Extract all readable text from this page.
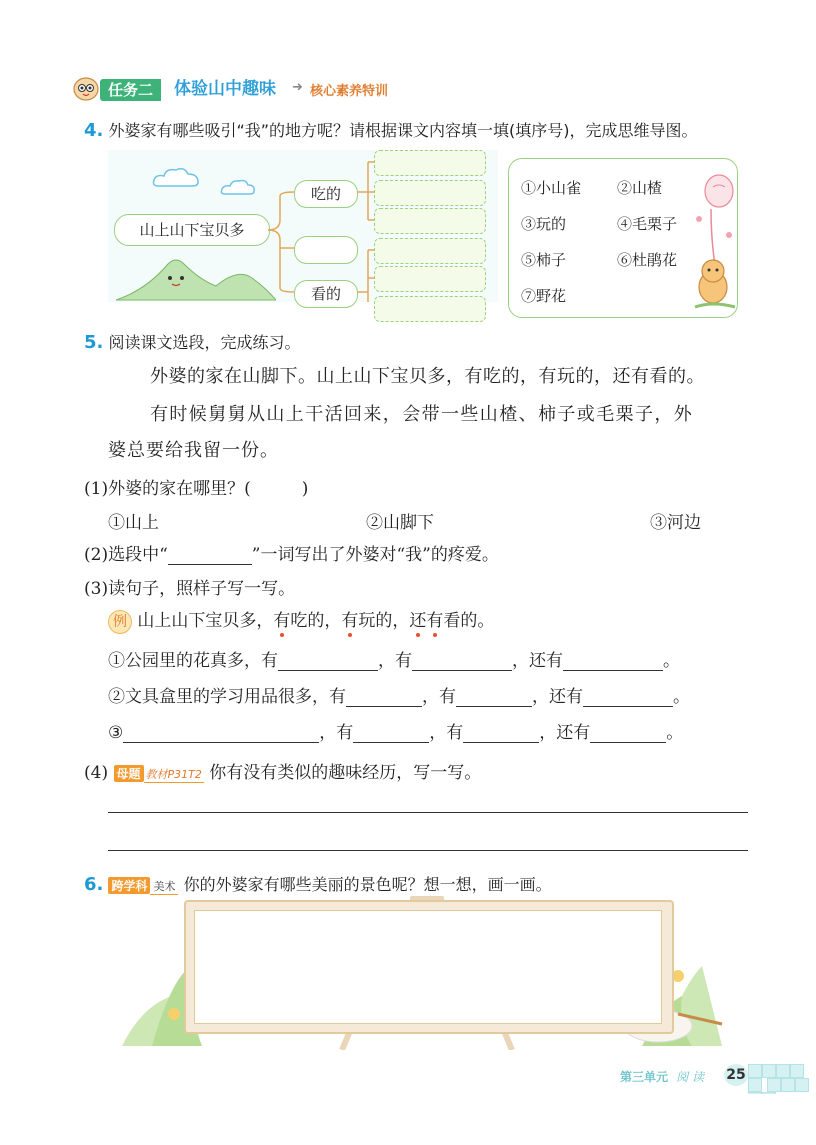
任务二	体验山中趣味 ➜ 核心素养特训
4. 外婆家有哪些吸引“我”的地方呢？请根据课文内容填一填(填序号)，完成思维导图。
山上山下宝贝多
吃的
看的
①小山雀 ②山楂
③玩的	④毛栗子
⑤柿子	⑥杜鹃花
⑦野花
5. 阅读课文选段，完成练习。
外婆的家在山脚下。山上山下宝贝多，有吃的，有玩的，还有看的。
有时候舅舅从山上干活回来，会带一些山楂、柿子或毛栗子，外
婆总要给我留一份。
(1)外婆的家在哪里？(　　　)
①山上	②山脚下	③河边
(2)选段中“	”一词写出了外婆对“我”的疼爱。
(3)读句子，照样子写一写。
例 山上山下宝贝多，有吃的，有玩的，还有看的。
①公园里的花真多，有	，有	，还有	。
②文具盒里的学习用品很多，有	，有	，还有	。
③	，有	，有	，还有	。
(4) 母题 教材P31T2 你有没有类似的趣味经历，写一写。
6. 跨学科 美术 你的外婆家有哪些美丽的景色呢？想一想，画一画。
第三单元 阅 读 25
